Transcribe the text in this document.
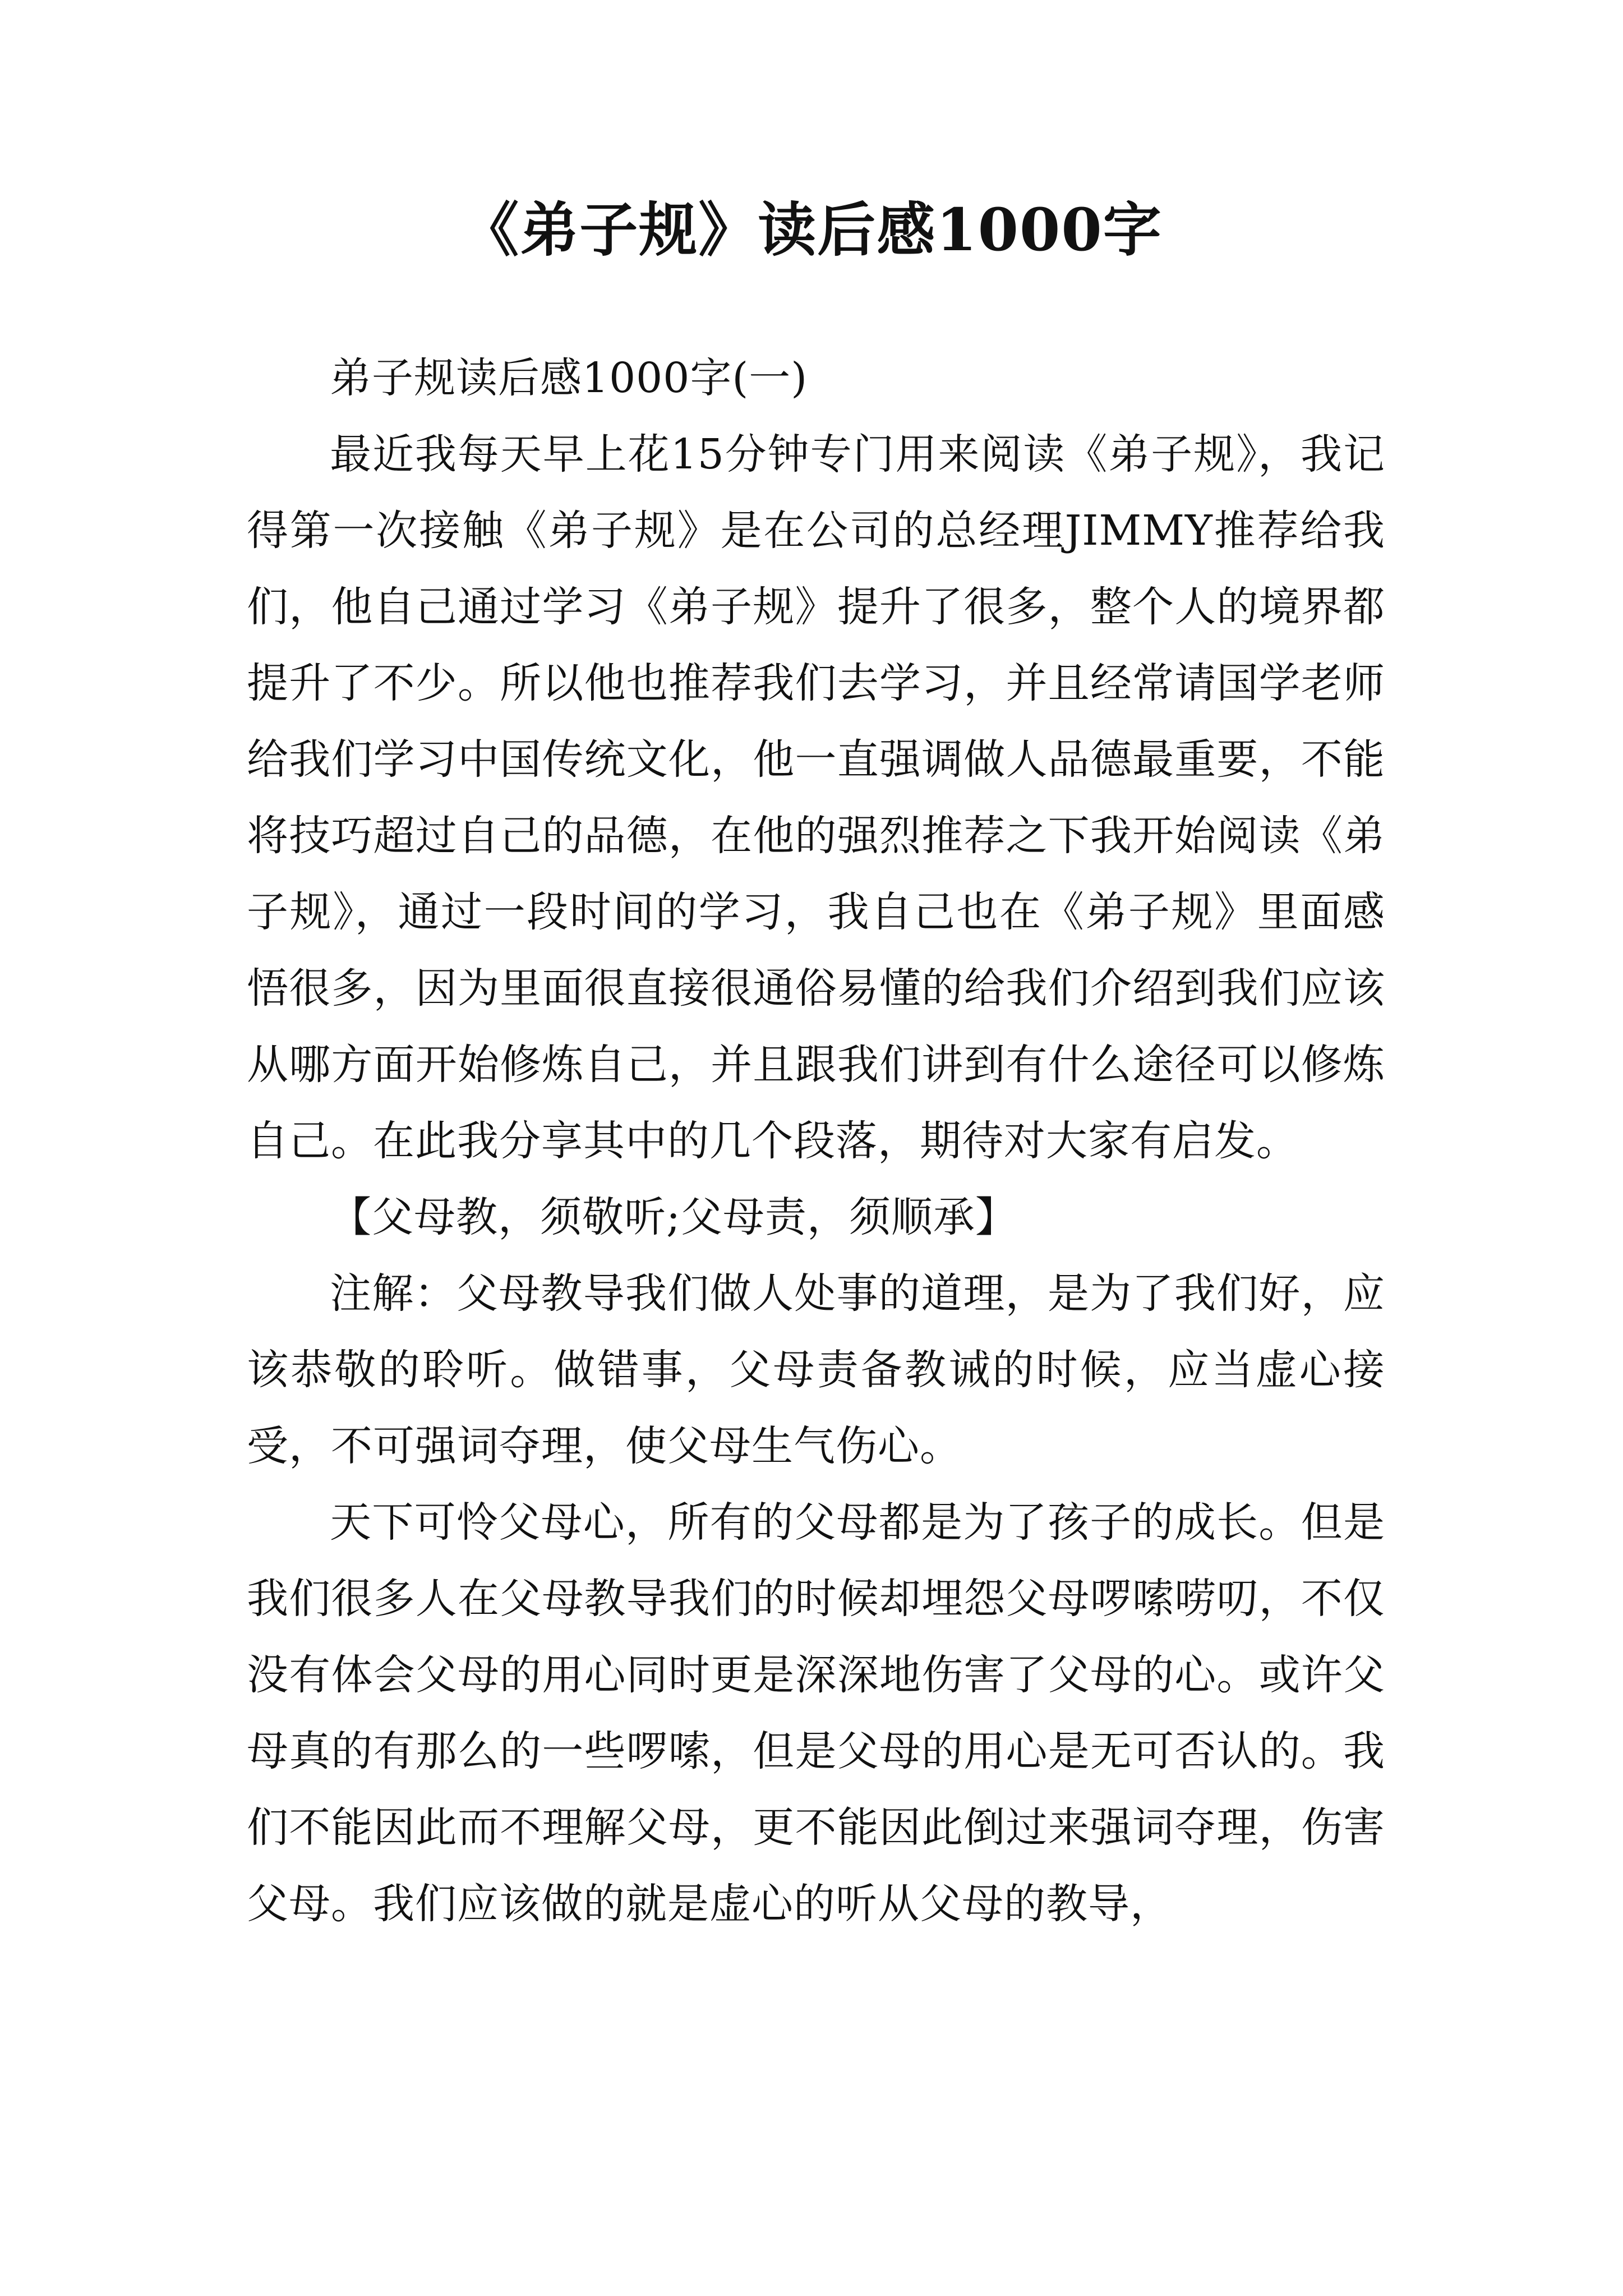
《弟子规》读后感1000字

弟子规读后感1000字(一)

最近我每天早上花15分钟专门用来阅读《弟子规》，我记得第一次接触《弟子规》是在公司的总经理JIMMY推荐给我们，他自己通过学习《弟子规》提升了很多，整个人的境界都提升了不少。所以他也推荐我们去学习，并且经常请国学老师给我们学习中国传统文化，他一直强调做人品德最重要，不能将技巧超过自己的品德，在他的强烈推荐之下我开始阅读《弟子规》，通过一段时间的学习，我自己也在《弟子规》里面感悟很多，因为里面很直接很通俗易懂的给我们介绍到我们应该从哪方面开始修炼自己，并且跟我们讲到有什么途径可以修炼自己。在此我分享其中的几个段落，期待对大家有启发。

【父母教，须敬听;父母责，须顺承】

注解：父母教导我们做人处事的道理，是为了我们好，应该恭敬的聆听。做错事，父母责备教诫的时候，应当虚心接受，不可强词夺理，使父母生气伤心。

天下可怜父母心，所有的父母都是为了孩子的成长。但是我们很多人在父母教导我们的时候却埋怨父母啰嗦唠叨，不仅没有体会父母的用心同时更是深深地伤害了父母的心。或许父母真的有那么的一些啰嗦，但是父母的用心是无可否认的。我们不能因此而不理解父母，更不能因此倒过来强词夺理，伤害父母。我们应该做的就是虚心的听从父母的教导，
